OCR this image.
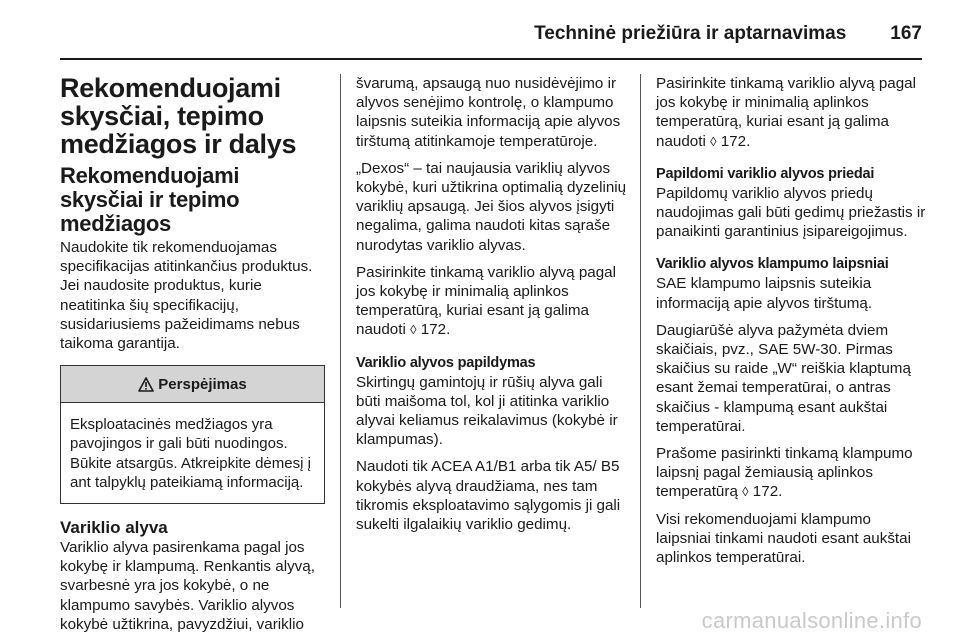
Techninė priežiūra ir aptarnavimas 167
Rekomenduojami skysčiai, tepimo medžiagos ir dalys
Rekomenduojami skysčiai ir tepimo medžiagos

Naudokite tik rekomenduojamas specifikacijas atitinkančius produktus. Jei naudosite produktus, kurie neatitinka šių specifikacijų, susidariusiems pažeidimams nebus taikoma garantija.

Perspėjimas
Eksploatacinės medžiagos yra pavojingos ir gali būti nuodingos. Būkite atsargūs. Atkreipkite dėmesį į ant talpyklų pateikiamą informaciją.
Variklio alyva

Variklio alyva pasirenkama pagal jos kokybę ir klampumą. Renkantis alyvą, svarbesnė yra jos kokybė, o ne klampumo savybės. Variklio alyvos kokybė užtikrina, pavyzdžiui, variklio

švarumą, apsaugą nuo nusidėvėjimo ir alyvos senėjimo kontrolę, o klampumo laipsnis suteikia informaciją apie alyvos tirštumą atitinkamoje temperatūroje.

„Dexos“ – tai naujausia variklių alyvos kokybė, kuri užtikrina optimalią dyzelinių variklių apsaugą. Jei šios alyvos įsigyti negalima, galima naudoti kitas sąraše nurodytas variklio alyvas.

Pasirinkite tinkamą variklio alyvą pagal jos kokybę ir minimalią aplinkos temperatūrą, kuriai esant ją galima naudoti ◊ 172.

Variklio alyvos papildymas

Skirtingų gamintojų ir rūšių alyva gali būti maišoma tol, kol ji atitinka variklio alyvai keliamus reikalavimus (kokybė ir klampumas).

Naudoti tik ACEA A1/B1 arba tik A5/ B5 kokybės alyvą draudžiama, nes tam tikromis eksploatavimo sąlygomis ji gali sukelti ilgalaikių variklio gedimų.

Pasirinkite tinkamą variklio alyvą pagal jos kokybę ir minimalią aplinkos temperatūrą, kuriai esant ją galima naudoti ◊ 172.

Papildomi variklio alyvos priedai

Papildomų variklio alyvos priedų naudojimas gali būti gedimų priežastis ir panaikinti garantinius įsipareigojimus.

Variklio alyvos klampumo laipsniai

SAE klampumo laipsnis suteikia informaciją apie alyvos tirštumą.

Daugiarūšė alyva pažymėta dviem skaičiais, pvz., SAE 5W-30. Pirmas skaičius su raide „W“ reiškia klaptumą esant žemai temperatūrai, o antras skaičius - klampumą esant aukštai temperatūrai.

Prašome pasirinkti tinkamą klampumo laipsnį pagal žemiausią aplinkos temperatūrą ◊ 172.

Visi rekomenduojami klampumo laipsniai tinkami naudoti esant aukštai aplinkos temperatūrai.

carmanualsonline.info
